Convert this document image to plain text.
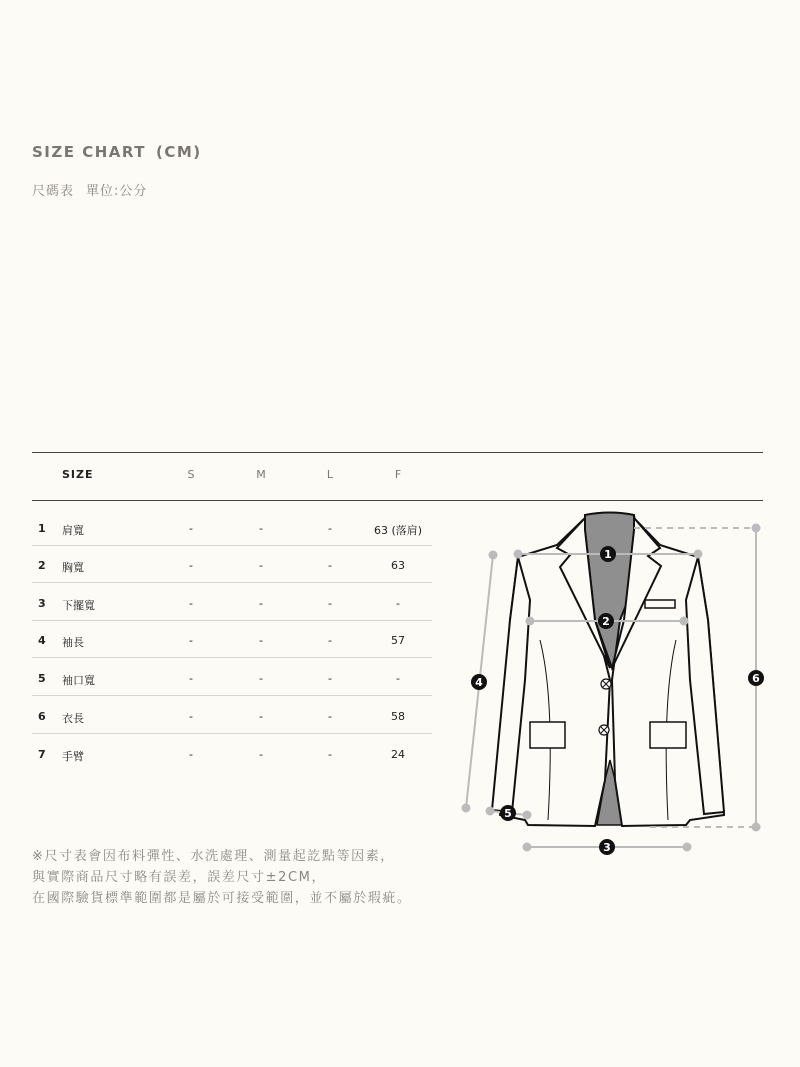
SIZE CHART (CM)
尺碼表 單位:公分
SIZE	S	M	L	F
1 肩寬	-	-	-	63 (落肩)
2 胸寬	-	-	-	63
3 下擺寬	-	-	-	-
4 袖長	-	-	-	57
5 袖口寬	-	-	-	-
6 衣長	-	-	-	58
7 手臂	-	-	-	24
1
2
3
4
5
6
※尺寸表會因布料彈性、水洗處理、測量起訖點等因素，
與實際商品尺寸略有誤差，誤差尺寸±2CM，
在國際驗貨標準範圍都是屬於可接受範圍，並不屬於瑕疵。
